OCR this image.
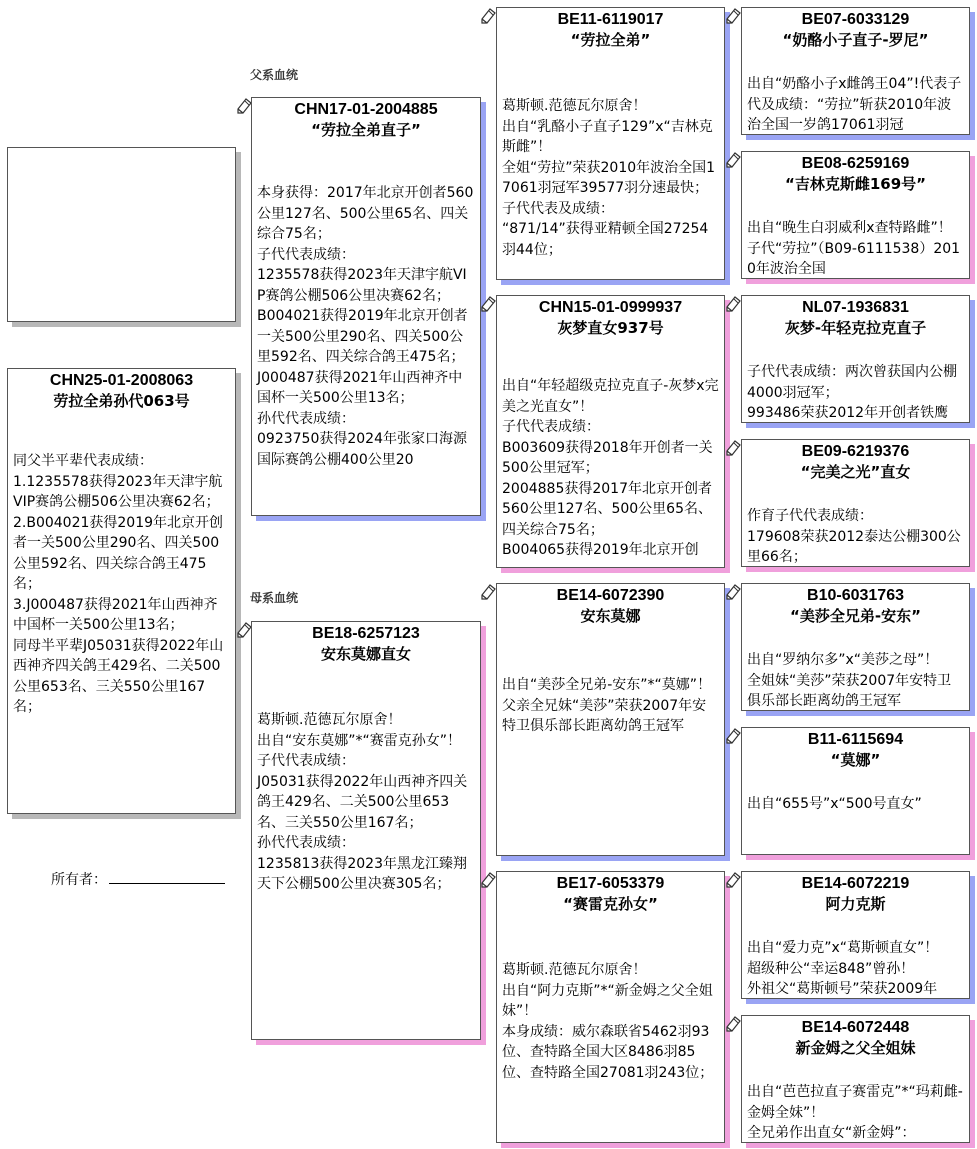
父系血统
母系血统
所有者：
CHN25-01-2008063
劳拉全弟孙代063号
同父半平辈代表成绩：
1.1235578获得2023年天津宇航VIP赛鸽公棚506公里决赛62名；
2.B004021获得2019年北京开创者一关500公里290名、四关500公里592名、四关综合鸽王475名；
3.J000487获得2021年山西神齐中国杯一关500公里13名；
同母半平辈J05031获得2022年山西神齐四关鸽王429名、二关500公里653名、三关550公里167名；
CHN17-01-2004885
“劳拉全弟直子”
本身获得：2017年北京开创者560公里127名、500公里65名、四关综合75名；
子代代表成绩：
1235578获得2023年天津宇航VIP赛鸽公棚506公里决赛62名；
B004021获得2019年北京开创者一关500公里290名、四关500公里592名、四关综合鸽王475名；
J000487获得2021年山西神齐中国杯一关500公里13名；
孙代代表成绩：
0923750获得2024年张家口海源国际赛鸽公棚400公里20
BE18-6257123
安东莫娜直女
葛斯顿.范德瓦尔原舍！
出自“安东莫娜”*“赛雷克孙女”！
子代代表成绩：
J05031获得2022年山西神齐四关鸽王429名、二关500公里653名、三关550公里167名；
孙代代表成绩：
1235813获得2023年黑龙江臻翔天下公棚500公里决赛305名；
BE11-6119017
“劳拉全弟”
葛斯顿.范德瓦尔原舍！
出自“乳酪小子直子129”x“吉林克斯雌”！
全姐“劳拉”荣获2010年波治全国17061羽冠军39577羽分速最快；
子代代表及成绩：
“871/14”获得亚精顿全国27254羽44位；
CHN15-01-0999937
灰梦直女937号
出自“年轻超级克拉克直子-灰梦x完美之光直女”！
子代代表成绩：
B003609获得2018年开创者一关500公里冠军；
2004885获得2017年北京开创者560公里127名、500公里65名、四关综合75名；
B004065获得2019年北京开创
BE14-6072390
安东莫娜
出自“美莎全兄弟-安东”*“莫娜”！
父亲全兄妹“美莎”荣获2007年安特卫俱乐部长距离幼鸽王冠军
BE17-6053379
“赛雷克孙女”
葛斯顿.范德瓦尔原舍！
出自“阿力克斯”*“新金姆之父全姐妹”！
本身成绩：威尔森联省5462羽93位、查特路全国大区8486羽85位、查特路全国27081羽243位；
BE07-6033129
“奶酪小子直子-罗尼”
出自“奶酪小子x雌鸽王04”!代表子代及成绩：“劳拉”斩获2010年波治全国一岁鸽17061羽冠
BE08-6259169
“吉林克斯雌169号”
出自“晚生白羽威利x查特路雌”！子代“劳拉”（B09-6111538）2010年波治全国
NL07-1936831
灰梦-年轻克拉克直子
子代代表成绩：两次曾获国内公棚4000羽冠军；
993486荣获2012年开创者铁鹰
BE09-6219376
“完美之光”直女
作育子代代表成绩：
179608荣获2012泰达公棚300公里66名；
B10-6031763
“美莎全兄弟-安东”
出自“罗纳尔多”x“美莎之母”！
全姐妹“美莎”荣获2007年安特卫俱乐部长距离幼鸽王冠军
B11-6115694
“莫娜”
出自“655号”x“500号直女”
BE14-6072219
阿力克斯
出自“爱力克”x“葛斯顿直女”！
超级种公“幸运848”曾孙！
外祖父“葛斯顿号”荣获2009年
BE14-6072448
新金姆之父全姐妹
出自“芭芭拉直子赛雷克”*“玛莉雌-金姆全妹”！
全兄弟作出直女“新金姆”：
